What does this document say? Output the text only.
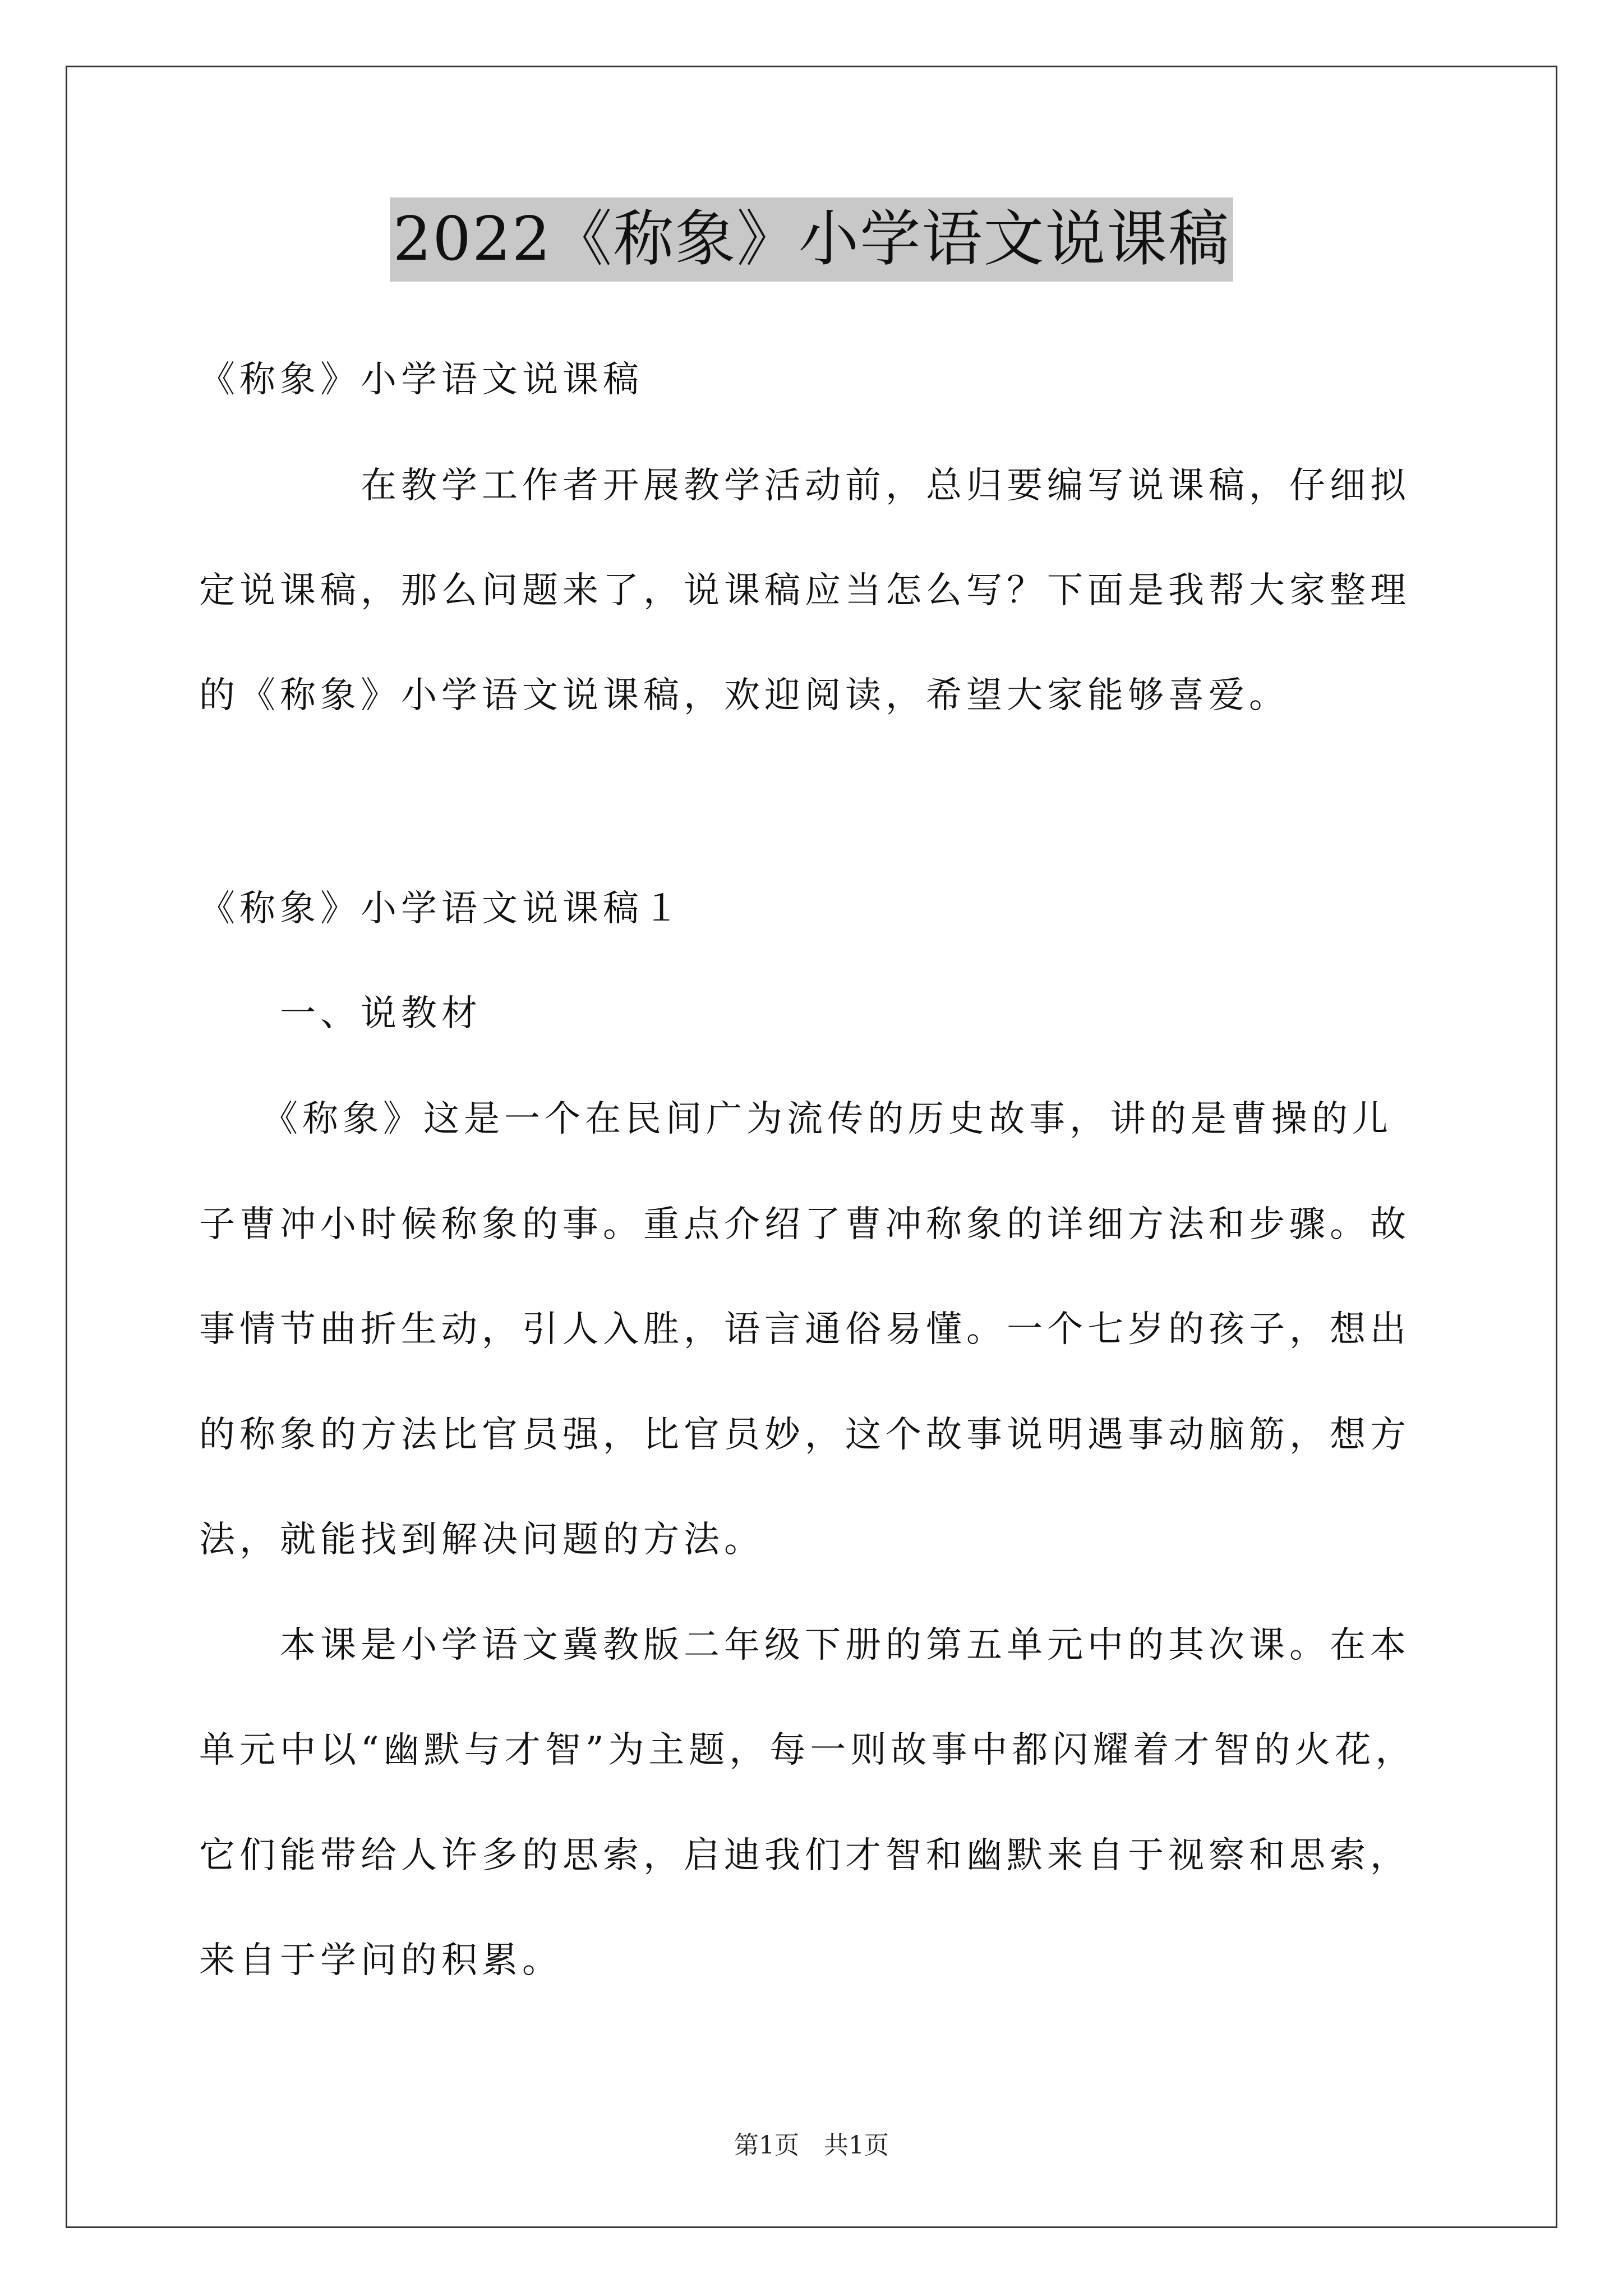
2022《称象》小学语文说课稿
《称象》小学语文说课稿
　　　　在教学工作者开展教学活动前，总归要编写说课稿，仔细拟
定说课稿，那么问题来了，说课稿应当怎么写？下面是我帮大家整理
的《称象》小学语文说课稿，欢迎阅读，希望大家能够喜爱。
《称象》小学语文说课稿１
　　一、说教材
　　《称象》这是一个在民间广为流传的历史故事，讲的是曹操的儿
子曹冲小时候称象的事。重点介绍了曹冲称象的详细方法和步骤。故
事情节曲折生动，引人入胜，语言通俗易懂。一个七岁的孩子，想出
的称象的方法比官员强，比官员妙，这个故事说明遇事动脑筋，想方
法，就能找到解决问题的方法。
　　本课是小学语文冀教版二年级下册的第五单元中的其次课。在本
单元中以“幽默与才智”为主题，每一则故事中都闪耀着才智的火花，
它们能带给人许多的思索，启迪我们才智和幽默来自于视察和思索，
来自于学问的积累。
第1页　共1页
